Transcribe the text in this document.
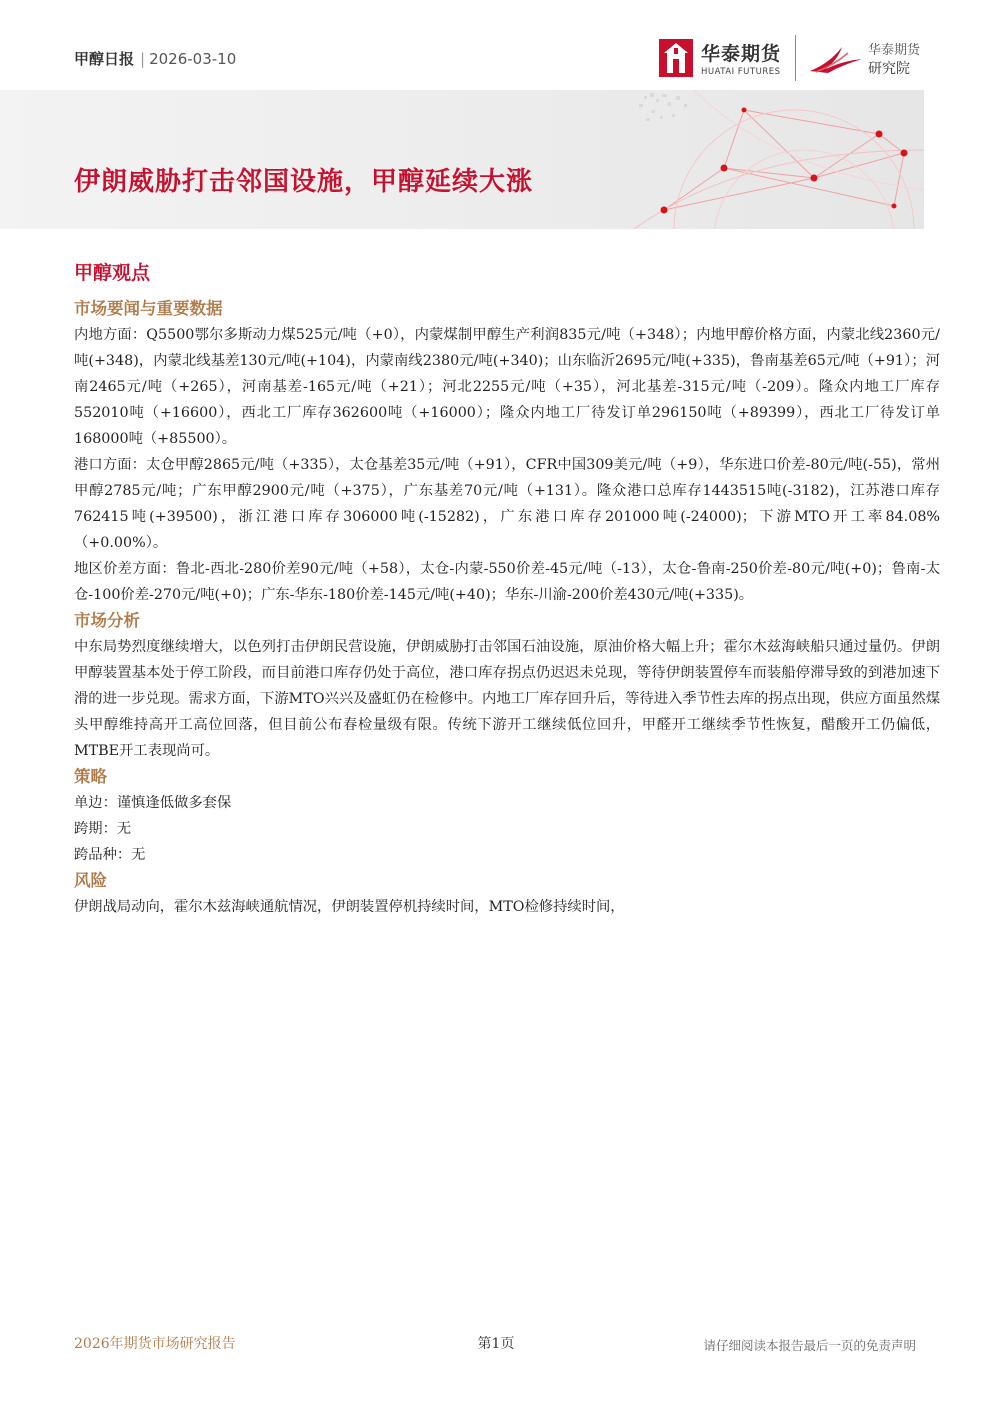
甲醇日报 | 2026-03-10	华泰期货
HUATAI FUTURES
华泰期货
研究院
伊朗威胁打击邻国设施，甲醇延续大涨
甲醇观点
市场要闻与重要数据
内地方面：Q5500鄂尔多斯动力煤525元/吨（+0），内蒙煤制甲醇生产利润835元/吨（+348）；内地甲醇价格方面，内蒙北线2360元/吨(+348)，内蒙北线基差130元/吨(+104)，内蒙南线2380元/吨(+340)；山东临沂2695元/吨(+335)，鲁南基差65元/吨（+91）；河南2465元/吨（+265），河南基差-165元/吨（+21）；河北2255元/吨（+35），河北基差-315元/吨（-209）。隆众内地工厂库存552010吨（+16600），西北工厂库存362600吨（+16000）；隆众内地工厂待发订单296150吨（+89399），西北工厂待发订单168000吨（+85500）。
港口方面：太仓甲醇2865元/吨（+335），太仓基差35元/吨（+91），CFR中国309美元/吨（+9），华东进口价差-80元/吨(-55)，常州甲醇2785元/吨；广东甲醇2900元/吨（+375），广东基差70元/吨（+131）。隆众港口总库存1443515吨(-3182)，江苏港口库存762415吨(+39500)，浙江港口库存306000吨(-15282)，广东港口库存201000吨(-24000)；下游MTO开工率84.08%（+0.00%）。
地区价差方面：鲁北-西北-280价差90元/吨（+58），太仓-内蒙-550价差-45元/吨（-13），太仓-鲁南-250价差-80元/吨(+0)；鲁南-太仓-100价差-270元/吨(+0)；广东-华东-180价差-145元/吨(+40)；华东-川渝-200价差430元/吨(+335)。
市场分析
中东局势烈度继续增大，以色列打击伊朗民营设施，伊朗威胁打击邻国石油设施，原油价格大幅上升；霍尔木兹海峡船只通过量仍。伊朗甲醇装置基本处于停工阶段，而目前港口库存仍处于高位，港口库存拐点仍迟迟未兑现，等待伊朗装置停车而装船停滞导致的到港加速下滑的进一步兑现。需求方面，下游MTO兴兴及盛虹仍在检修中。内地工厂库存回升后，等待进入季节性去库的拐点出现，供应方面虽然煤头甲醇维持高开工高位回落，但目前公布春检量级有限。传统下游开工继续低位回升，甲醛开工继续季节性恢复，醋酸开工仍偏低，MTBE开工表现尚可。
策略
单边：谨慎逢低做多套保
跨期：无
跨品种：无
风险
伊朗战局动向，霍尔木兹海峡通航情况，伊朗装置停机持续时间，MTO检修持续时间，
2026年期货市场研究报告	第1页	请仔细阅读本报告最后一页的免责声明
